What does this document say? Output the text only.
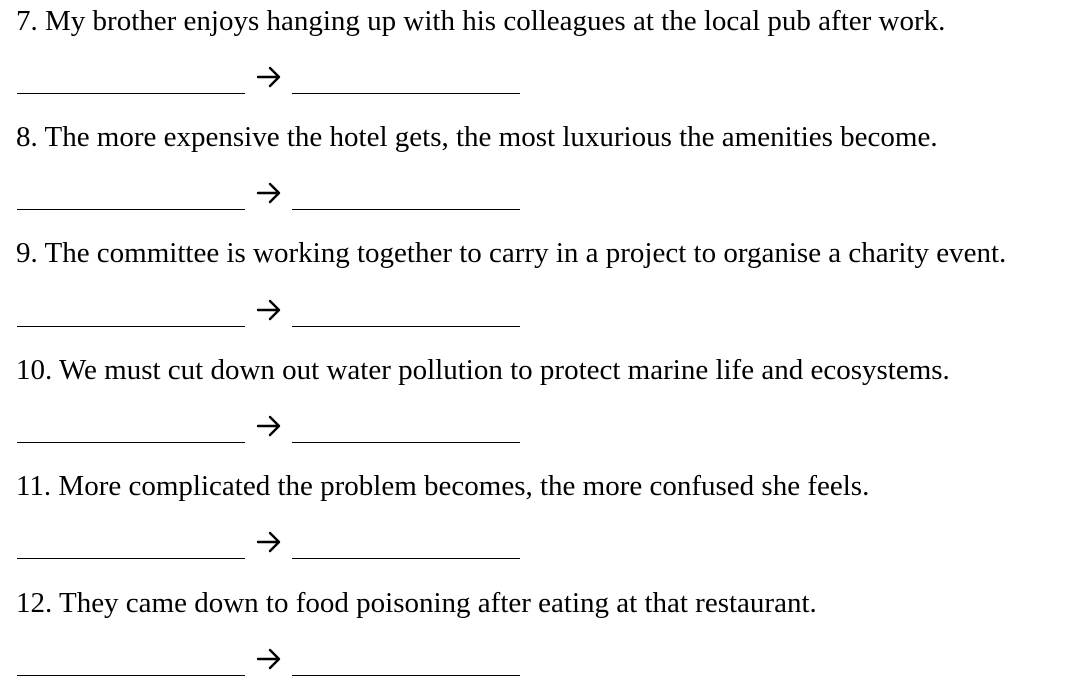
7. My brother enjoys hanging up with his colleagues at the local pub after work.
8. The more expensive the hotel gets, the most luxurious the amenities become.
9. The committee is working together to carry in a project to organise a charity event.
10. We must cut down out water pollution to protect marine life and ecosystems.
11. More complicated the problem becomes, the more confused she feels.
12. They came down to food poisoning after eating at that restaurant.
